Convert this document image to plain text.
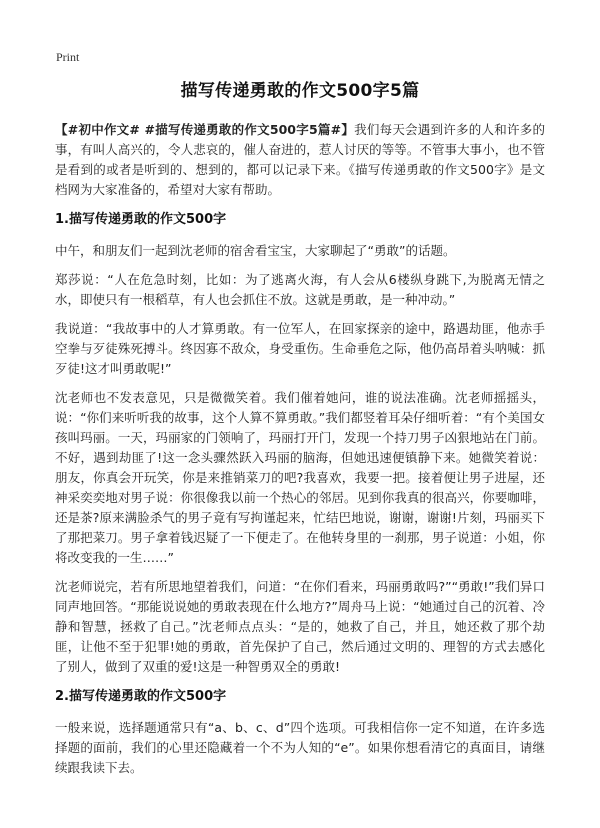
Print
描写传递勇敢的作文500字5篇

【#初中作文# #描写传递勇敢的作文500字5篇#】我们每天会遇到许多的人和许多的事，有叫人高兴的，令人悲哀的，催人奋进的，惹人讨厌的等等。不管事大事小，也不管是看到的或者是听到的、想到的，都可以记录下来。《描写传递勇敢的作文500字》是文档网为大家准备的，希望对大家有帮助。

1.描写传递勇敢的作文500字

中午，和朋友们一起到沈老师的宿舍看宝宝，大家聊起了“勇敢”的话题。

郑莎说：“人在危急时刻，比如：为了逃离火海，有人会从6楼纵身跳下,为脱离无情之水，即使只有一根稻草，有人也会抓住不放。这就是勇敢，是一种冲动。”

我说道：“我故事中的人才算勇敢。有一位军人，在回家探亲的途中，路遇劫匪，他赤手空拳与歹徒殊死搏斗。终因寡不敌众，身受重伤。生命垂危之际，他仍高昂着头呐喊：抓歹徒!这才叫勇敢呢!”

沈老师也不发表意见，只是微微笑着。我们催着她问，谁的说法准确。沈老师摇摇头，说：“你们来听听我的故事，这个人算不算勇敢。”我们都竖着耳朵仔细听着：“有个美国女孩叫玛丽。一天，玛丽家的门领响了，玛丽打开门，发现一个持刀男子凶狠地站在门前。不好，遇到劫匪了!这一念头骤然跃入玛丽的脑海，但她迅速便镇静下来。她微笑着说：朋友，你真会开玩笑，你是来推销菜刀的吧?我喜欢，我要一把。接着便让男子进屋，还神采奕奕地对男子说：你很像我以前一个热心的邻居。见到你我真的很高兴，你要咖啡，还是茶?原来满脸杀气的男子竟有写拘谨起来，忙结巴地说，谢谢，谢谢!片刻，玛丽买下了那把菜刀。男子拿着钱迟疑了一下便走了。在他转身里的一刹那，男子说道：小姐，你将改变我的一生……”

沈老师说完，若有所思地望着我们，问道：“在你们看来，玛丽勇敢吗?”“勇敢!”我们异口同声地回答。“那能说说她的勇敢表现在什么地方?”周舟马上说：“她通过自己的沉着、冷静和智慧，拯救了自己。”沈老师点点头：“是的，她救了自己，并且，她还救了那个劫匪，让他不至于犯罪!她的勇敢，首先保护了自己，然后通过文明的、理智的方式去感化了别人，做到了双重的爱!这是一种智勇双全的勇敢!

2.描写传递勇敢的作文500字

一般来说，选择题通常只有“a、b、c、d”四个选项。可我相信你一定不知道，在许多选择题的面前，我们的心里还隐藏着一个不为人知的“e”。如果你想看清它的真面目，请继续跟我读下去。
